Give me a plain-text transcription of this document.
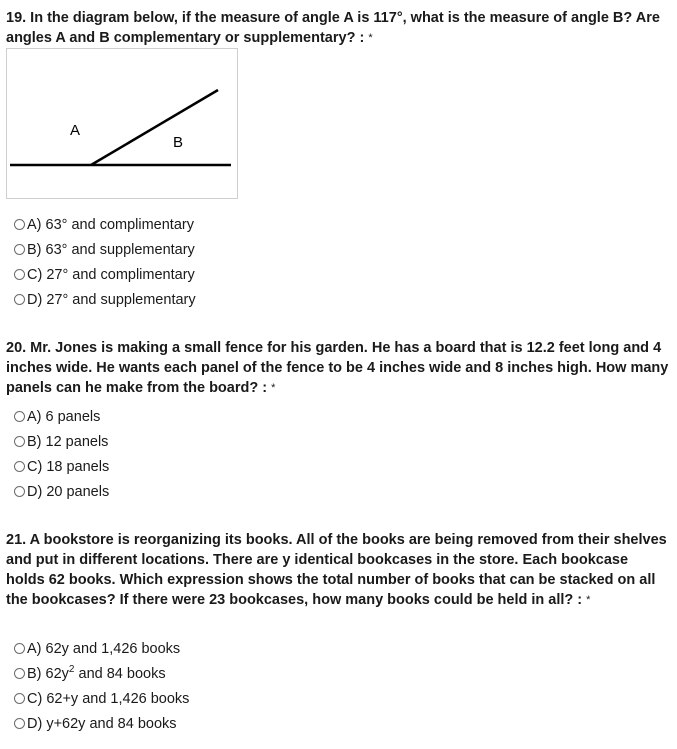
19. In the diagram below, if the measure of angle A is 117°, what is the measure of angle B? Are angles A and B complementary or supplementary? : *

A
B
A) 63° and complimentary
B) 63° and supplementary
C) 27° and complimentary
D) 27° and supplementary

20. Mr. Jones is making a small fence for his garden. He has a board that is 12.2 feet long and 4 inches wide. He wants each panel of the fence to be 4 inches wide and 8 inches high. How many panels can he make from the board? : *

A) 6 panels
B) 12 panels
C) 18 panels
D) 20 panels

21. A bookstore is reorganizing its books. All of the books are being removed from their shelves and put in different locations. There are y identical bookcases in the store. Each bookcase holds 62 books. Which expression shows the total number of books that can be stacked on all the bookcases? If there were 23 bookcases, how many books could be held in all? : *

A) 62y and 1,426 books
B) $62y^2$ and 84 books
C) 62+y and 1,426 books
D) y+62y and 84 books
